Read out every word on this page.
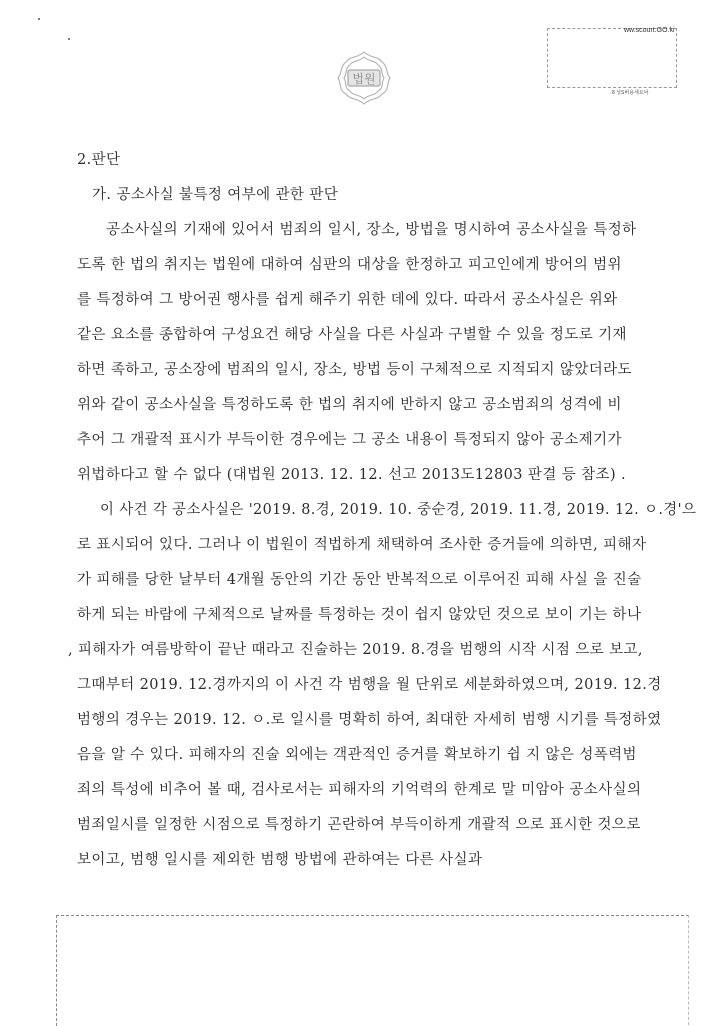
ww.scourt.GO.ki
8 성S버용세요낙
법원
2.판단
가. 공소사실 불특정 여부에 관한 판단
공소사실의 기재에 있어서 범죄의 일시, 장소, 방법을 명시하여 공소사실을 특정하
도록 한 법의 취지는 법원에 대하여 심판의 대상을 한정하고 피고인에게 방어의 범위
를 특정하여 그 방어권 행사를 쉽게 해주기 위한 데에 있다. 따라서 공소사실은 위와
같은 요소를 종합하여 구성요건 해당 사실을 다른 사실과 구별할 수 있을 정도로 기재
하면 족하고, 공소장에 범죄의 일시, 장소, 방법 등이 구체적으로 지적되지 않았더라도
위와 같이 공소사실을 특정하도록 한 법의 취지에 반하지 않고 공소범죄의 성격에 비
추어 그 개괄적 표시가 부득이한 경우에는 그 공소 내용이 특정되지 않아 공소제기가
위법하다고 할 수 없다 (대법원 2013. 12. 12. 선고 2013도12803 판결 등 참조) .
이 사건 각 공소사실은 '2019. 8.경, 2019. 10. 중순경, 2019. 11.경, 2019. 12. ㅇ.경'으
로 표시되어 있다. 그러나 이 법원이 적법하게 채택하여 조사한 증거들에 의하면, 피해자
가 피해를 당한 날부터 4개월 동안의 기간 동안 반복적으로 이루어진 피해 사실 을 진술
하게 되는 바람에 구체적으로 날짜를 특정하는 것이 쉽지 않았던 것으로 보이 기는 하나
, 피해자가 여름방학이 끝난 때라고 진술하는 2019. 8.경을 범행의 시작 시점 으로 보고,
그때부터 2019. 12.경까지의 이 사건 각 범행을 월 단위로 세분화하였으며, 2019. 12.경
범행의 경우는 2019. 12. ㅇ.로 일시를 명확히 하여, 최대한 자세히 범행 시기를 특정하였
음을 알 수 있다. 피해자의 진술 외에는 객관적인 증거를 확보하기 쉽 지 않은 성폭력범
죄의 특성에 비추어 볼 때, 검사로서는 피해자의 기억력의 한계로 말 미암아 공소사실의
범죄일시를 일정한 시점으로 특정하기 곤란하여 부득이하게 개괄적 으로 표시한 것으로
보이고, 범행 일시를 제외한 범행 방법에 관하여는 다른 사실과
